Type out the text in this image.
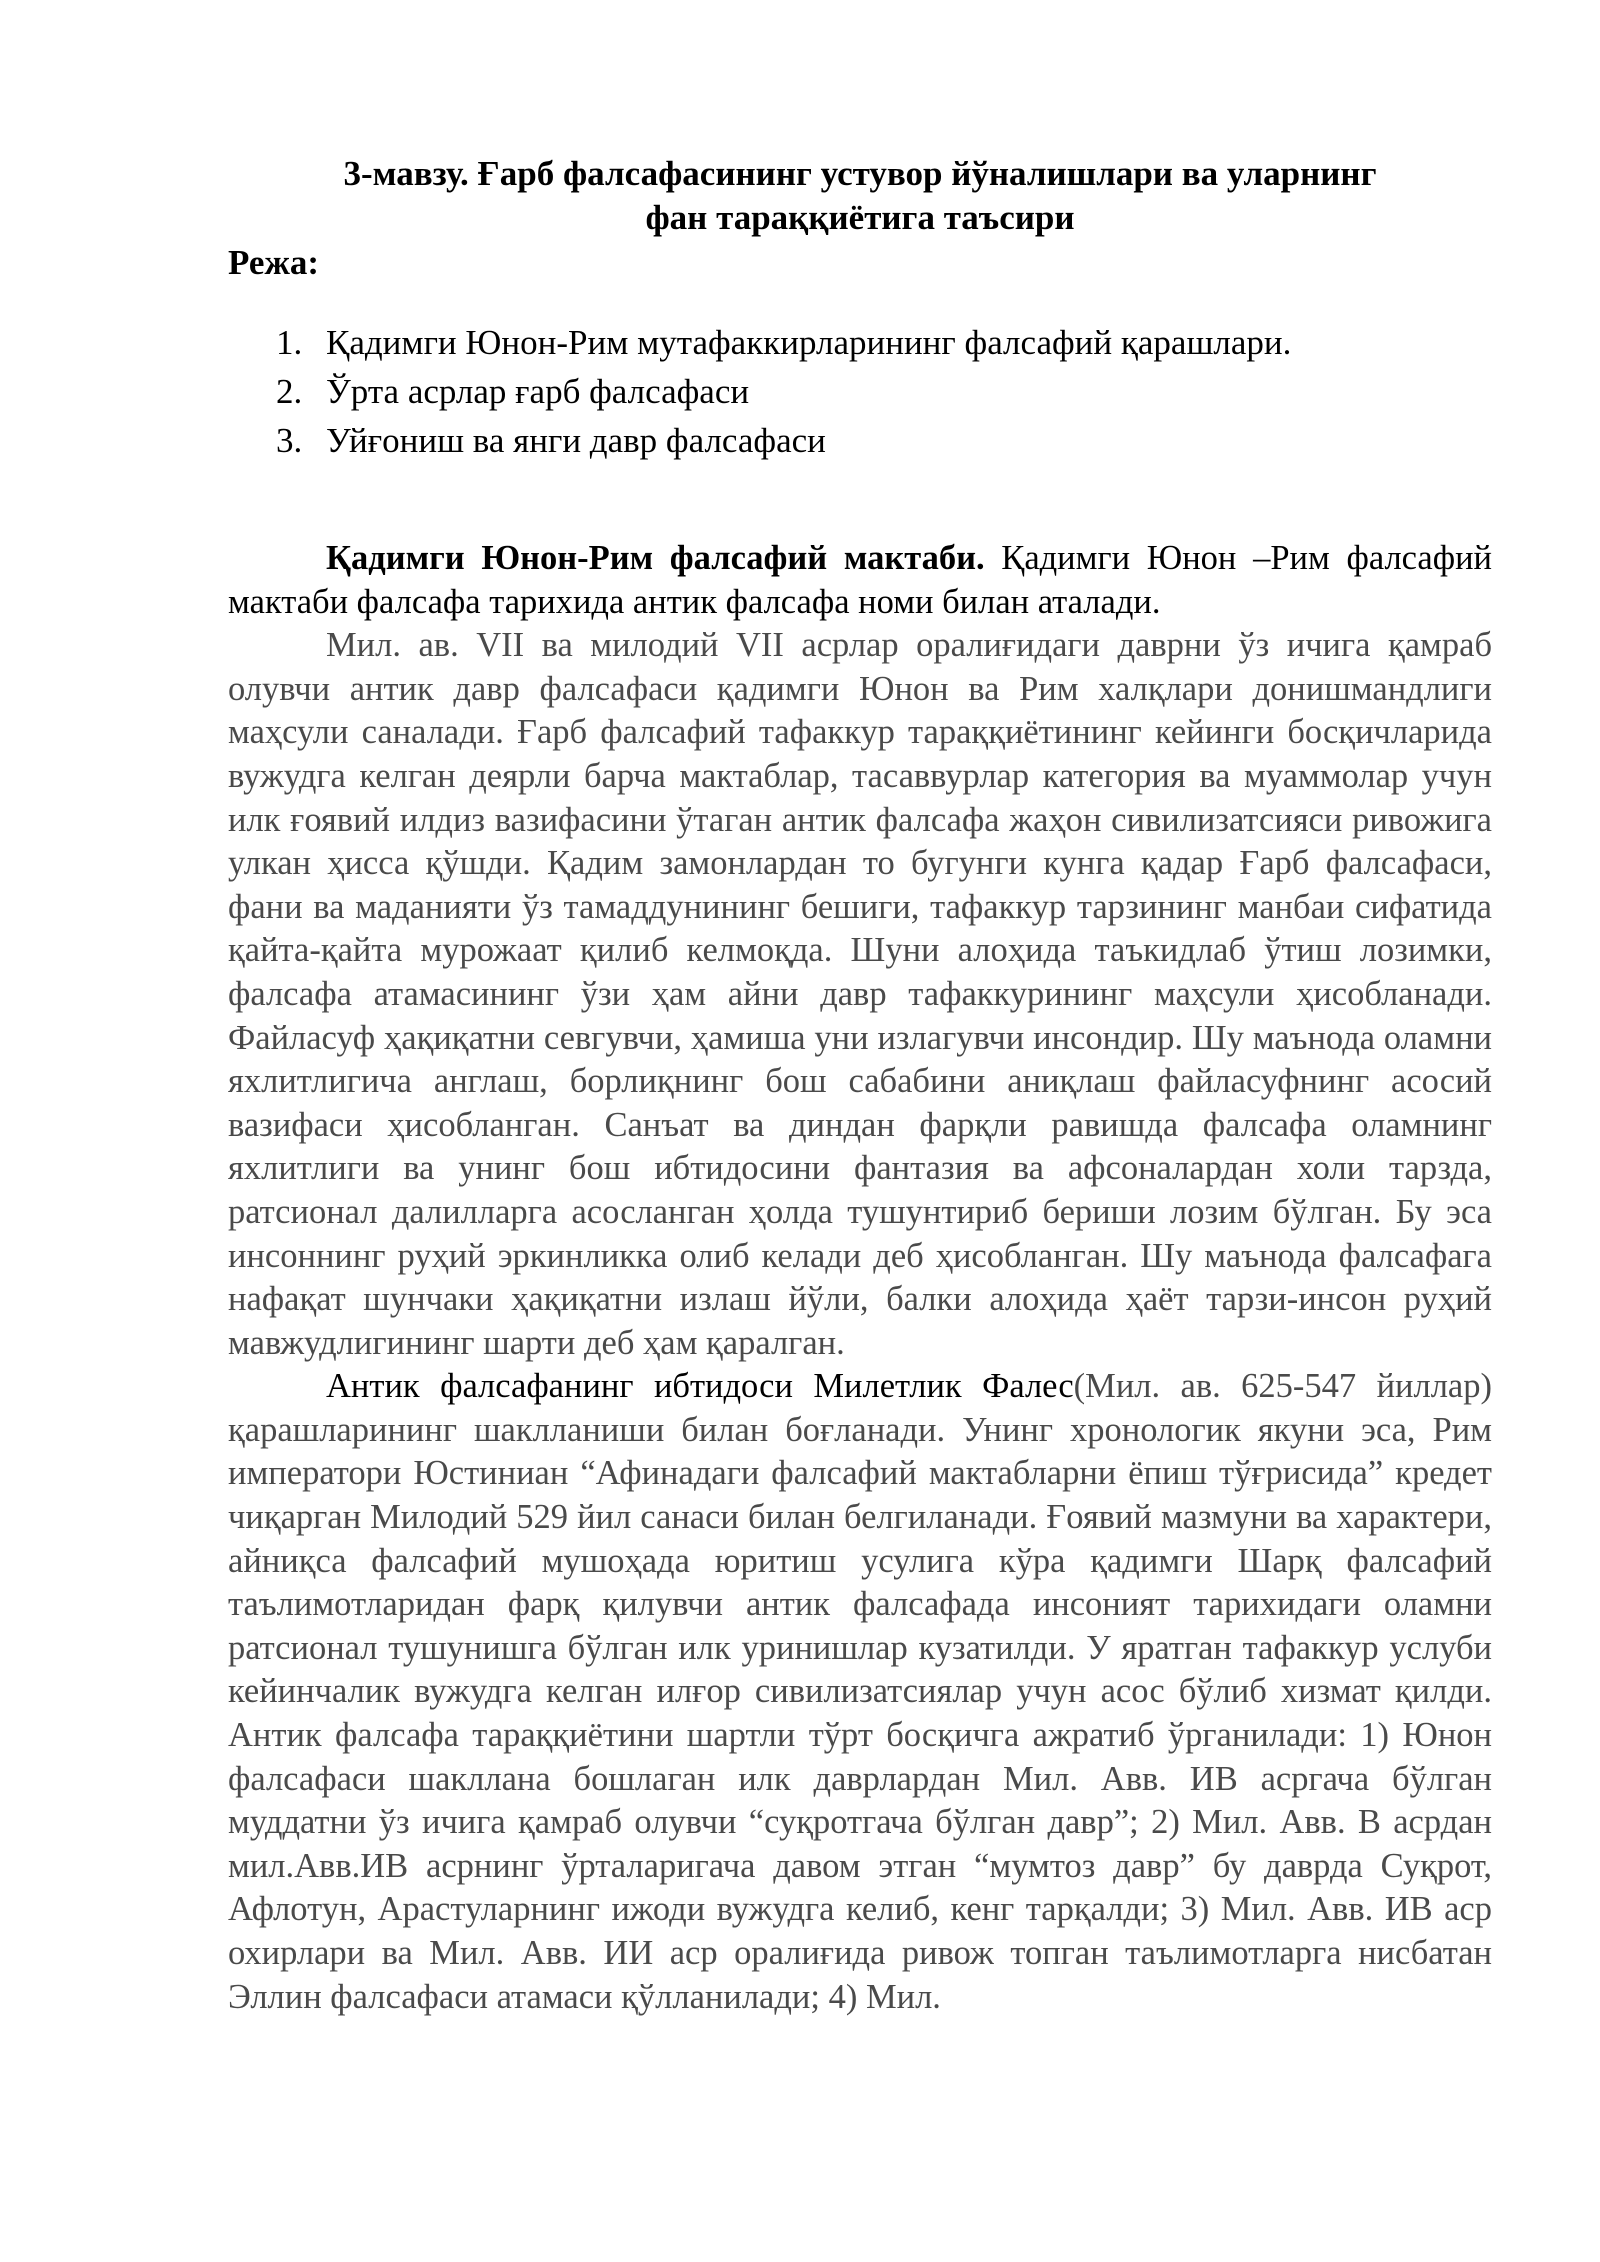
3-мавзу. Ғарб фалсафасининг устувор йўналишлари ва уларнинг
фан тараққиётига таъсири
Режа:
1. Қадимги Юнон-Рим мутафаккирларининг фалсафий қарашлари.
2. Ўрта асрлар ғарб фалсафаси
3. Уйғониш ва янги давр фалсафаси

Қадимги Юнон-Рим фалсафий мактаби. Қадимги Юнон –Рим фалсафий мактаби фалсафа тарихида антик фалсафа номи билан аталади.

Мил. ав. VII ва милодий VII асрлар оралиғидаги даврни ўз ичига қамраб олувчи антик давр фалсафаси қадимги Юнон ва Рим халқлари донишмандлиги маҳсули саналади. Ғарб фалсафий тафаккур тараққиётининг кейинги босқичларида вужудга келган деярли барча мактаблар, тасаввурлар категория ва муаммолар учун илк ғоявий илдиз вазифасини ўтаган антик фалсафа жаҳон сивилизатсияси ривожига улкан ҳисса қўшди. Қадим замонлардан то бугунги кунга қадар Ғарб фалсафаси, фани ва маданияти ўз тамаддунининг бешиги, тафаккур тарзининг манбаи сифатида қайта-қайта мурожаат қилиб келмоқда. Шуни алоҳида таъкидлаб ўтиш лозимки, фалсафа атамасининг ўзи ҳам айни давр тафаккурининг маҳсули ҳисобланади. Файласуф ҳақиқатни севгувчи, ҳамиша уни излагувчи инсондир. Шу маънода оламни яхлитлигича англаш, борлиқнинг бош сабабини аниқлаш файласуфнинг асосий вазифаси ҳисобланган. Санъат ва диндан фарқли равишда фалсафа оламнинг яхлитлиги ва унинг бош ибтидосини фантазия ва афсоналардан холи тарзда, ратсионал далилларга асосланган ҳолда тушунтириб бериши лозим бўлган. Бу эса инсоннинг руҳий эркинликка олиб келади деб ҳисобланган. Шу маънода фалсафага нафақат шунчаки ҳақиқатни излаш йўли, балки алоҳида ҳаёт тарзи-инсон руҳий мавжудлигининг шарти деб ҳам қаралган.

Антик фалсафанинг ибтидоси Милетлик Фалес(Мил. ав. 625-547 йиллар) қарашларининг шаклланиши билан боғланади. Унинг хронологик якуни эса, Рим императори Юстиниан “Афинадаги фалсафий мактабларни ёпиш тўғрисида” кредет чиқарган Милодий 529 йил санаси билан белгиланади. Ғоявий мазмуни ва характери, айниқса фалсафий мушоҳада юритиш усулига кўра қадимги Шарқ фалсафий таълимотларидан фарқ қилувчи антик фалсафада инсоният тарихидаги оламни ратсионал тушунишга бўлган илк уринишлар кузатилди. У яратган тафаккур услуби кейинчалик вужудга келган илғор сивилизатсиялар учун асос бўлиб хизмат қилди. Антик фалсафа тараққиётини шартли тўрт босқичга ажратиб ўрганилади: 1) Юнон фалсафаси шакллана бошлаган илк даврлардан Мил. Авв. ИВ асргача бўлган муддатни ўз ичига қамраб олувчи “суқротгача бўлган давр”; 2) Мил. Авв. В асрдан мил.Авв.ИВ асрнинг ўрталаригача давом этган “мумтоз давр” бу даврда Суқрот, Афлотун, Арастуларнинг ижоди вужудга келиб, кенг тарқалди; 3) Мил. Авв. ИВ аср охирлари ва Мил. Авв. ИИ аср оралиғида ривож топган таълимотларга нисбатан Эллин фалсафаси атамаси қўлланилади; 4) Мил.
